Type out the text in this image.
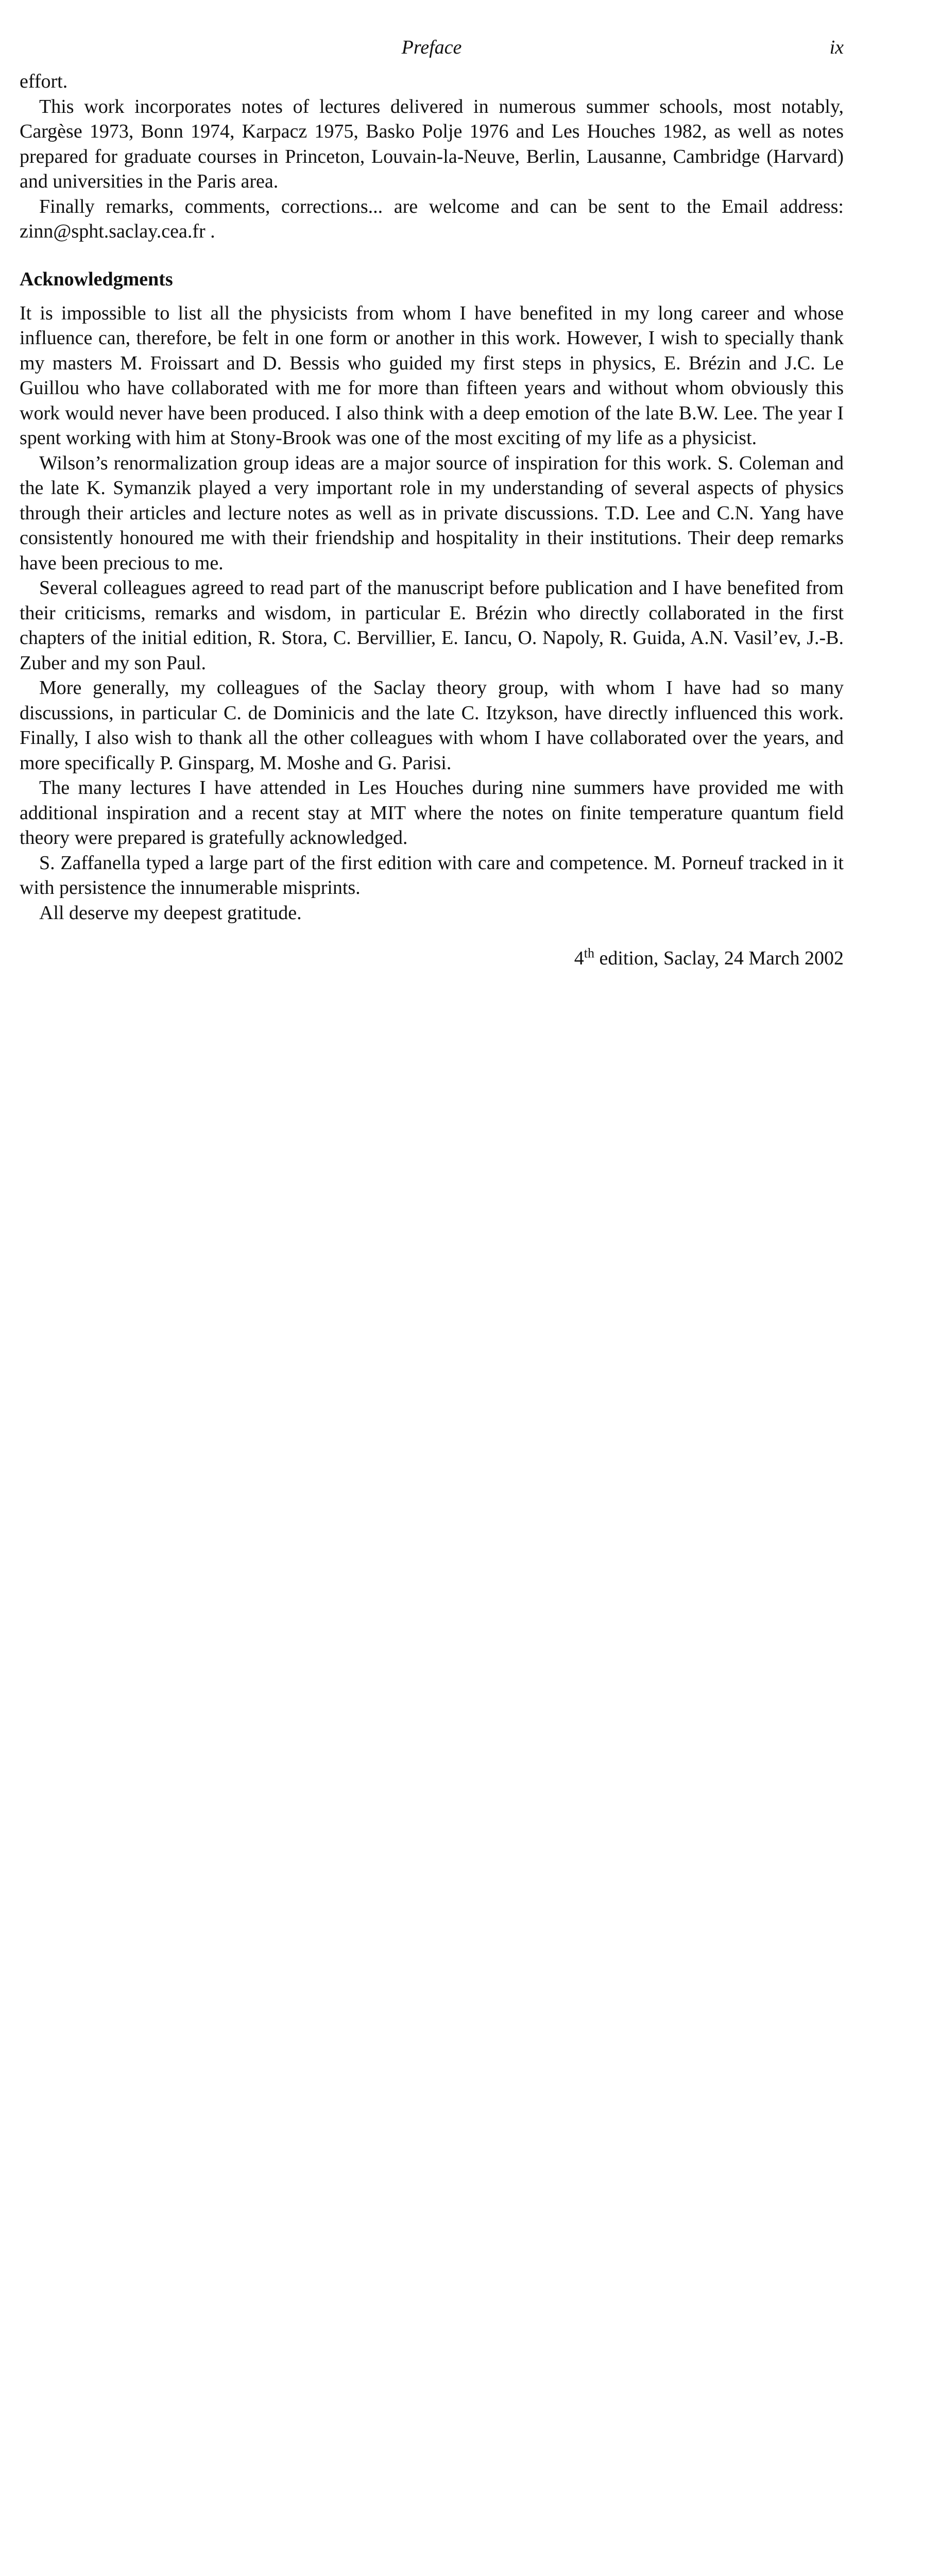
Preface	ix

effort.

This work incorporates notes of lectures delivered in numerous summer schools, most notably, Cargèse 1973, Bonn 1974, Karpacz 1975, Basko Polje 1976 and Les Houches 1982, as well as notes prepared for graduate courses in Princeton, Louvain-la-Neuve, Berlin, Lausanne, Cambridge (Harvard) and universities in the Paris area.

Finally remarks, comments, corrections... are welcome and can be sent to the Email address: zinn@spht.saclay.cea.fr .

Acknowledgments

It is impossible to list all the physicists from whom I have benefited in my long career and whose influence can, therefore, be felt in one form or another in this work. However, I wish to specially thank my masters M. Froissart and D. Bessis who guided my first steps in physics, E. Brézin and J.C. Le Guillou who have collaborated with me for more than fifteen years and without whom obviously this work would never have been produced. I also think with a deep emotion of the late B.W. Lee. The year I spent working with him at Stony-Brook was one of the most exciting of my life as a physicist.

Wilson’s renormalization group ideas are a major source of inspiration for this work. S. Coleman and the late K. Symanzik played a very important role in my understanding of several aspects of physics through their articles and lecture notes as well as in private discussions. T.D. Lee and C.N. Yang have consistently honoured me with their friendship and hospitality in their institutions. Their deep remarks have been precious to me.

Several colleagues agreed to read part of the manuscript before publication and I have benefited from their criticisms, remarks and wisdom, in particular E. Brézin who directly collaborated in the first chapters of the initial edition, R. Stora, C. Bervillier, E. Iancu, O. Napoly, R. Guida, A.N. Vasil’ev, J.-B. Zuber and my son Paul.

More generally, my colleagues of the Saclay theory group, with whom I have had so many discussions, in particular C. de Dominicis and the late C. Itzykson, have directly influenced this work. Finally, I also wish to thank all the other colleagues with whom I have collaborated over the years, and more specifically P. Ginsparg, M. Moshe and G. Parisi.

The many lectures I have attended in Les Houches during nine summers have provided me with additional inspiration and a recent stay at MIT where the notes on finite temperature quantum field theory were prepared is gratefully acknowledged.

S. Zaffanella typed a large part of the first edition with care and competence. M. Porneuf tracked in it with persistence the innumerable misprints.

All deserve my deepest gratitude.

4th edition, Saclay, 24 March 2002
